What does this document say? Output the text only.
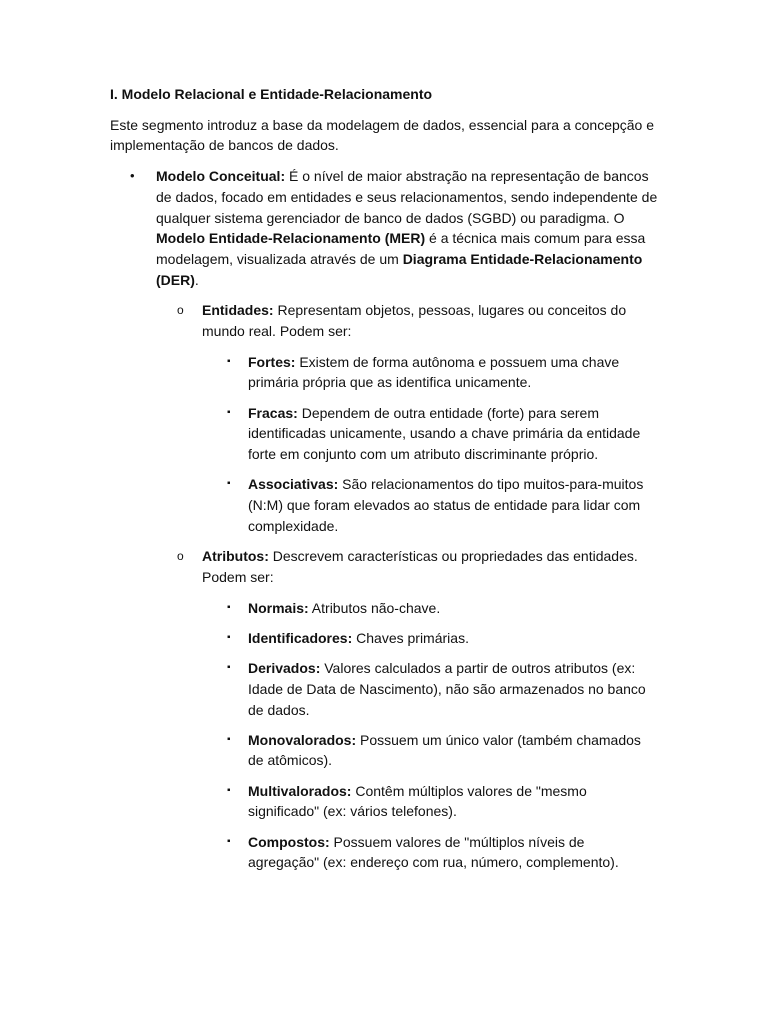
I. Modelo Relacional e Entidade-Relacionamento
Este segmento introduz a base da modelagem de dados, essencial para a concepção e implementação de bancos de dados.
• Modelo Conceitual: É o nível de maior abstração na representação de bancos de dados, focado em entidades e seus relacionamentos, sendo independente de qualquer sistema gerenciador de banco de dados (SGBD) ou paradigma. O Modelo Entidade-Relacionamento (MER) é a técnica mais comum para essa modelagem, visualizada através de um Diagrama Entidade-Relacionamento (DER).
o Entidades: Representam objetos, pessoas, lugares ou conceitos do mundo real. Podem ser:
▪ Fortes: Existem de forma autônoma e possuem uma chave primária própria que as identifica unicamente.
▪ Fracas: Dependem de outra entidade (forte) para serem identificadas unicamente, usando a chave primária da entidade forte em conjunto com um atributo discriminante próprio.
▪ Associativas: São relacionamentos do tipo muitos-para-muitos (N:M) que foram elevados ao status de entidade para lidar com complexidade.
o Atributos: Descrevem características ou propriedades das entidades. Podem ser:
▪ Normais: Atributos não-chave.
▪ Identificadores: Chaves primárias.
▪ Derivados: Valores calculados a partir de outros atributos (ex: Idade de Data de Nascimento), não são armazenados no banco de dados.
▪ Monovalorados: Possuem um único valor (também chamados de atômicos).
▪ Multivalorados: Contêm múltiplos valores de "mesmo significado" (ex: vários telefones).
▪ Compostos: Possuem valores de "múltiplos níveis de agregação" (ex: endereço com rua, número, complemento).
